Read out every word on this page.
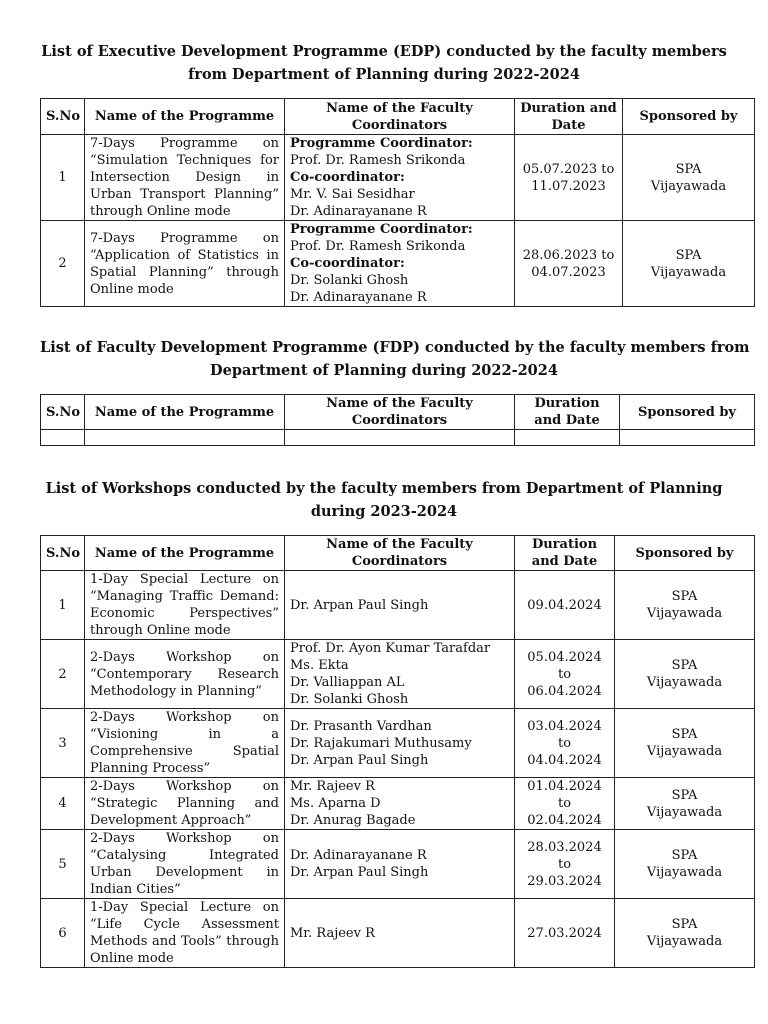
List of Executive Development Programme (EDP) conducted by the faculty members
from Department of Planning during 2022-2024
S.No	Name of the Programme	Name of the Faculty Coordinators	Duration and Date	Sponsored by
1	7-Days Programme on “Simulation Techniques for Intersection Design in Urban Transport Planning” through Online mode	Programme Coordinator:
Prof. Dr. Ramesh Srikonda
Co-coordinator:
Mr. V. Sai Sesidhar
Dr. Adinarayanane R	05.07.2023 to
11.07.2023	SPA
Vijayawada

2	7-Days Programme on “Application of Statistics in Spatial Planning” through Online mode	Programme Coordinator:
Prof. Dr. Ramesh Srikonda
Co-coordinator:
Dr. Solanki Ghosh
Dr. Adinarayanane R	28.06.2023 to
04.07.2023	SPA
Vijayawada
List of Faculty Development Programme (FDP) conducted by the faculty members from
Department of Planning during 2022-2024
S.No	Name of the Programme	Name of the Faculty Coordinators	Duration and Date	Sponsored by

List of Workshops conducted by the faculty members from Department of Planning
during 2023-2024
S.No	Name of the Programme	Name of the Faculty Coordinators	Duration and Date	Sponsored by
1	1-Day Special Lecture on “Managing Traffic Demand: Economic Perspectives” through Online mode	Dr. Arpan Paul Singh	09.04.2024	SPA
Vijayawada

2	2-Days Workshop on “Contemporary Research Methodology in Planning”	Prof. Dr. Ayon Kumar Tarafdar
Ms. Ekta
Dr. Valliappan AL
Dr. Solanki Ghosh	05.04.2024
to
06.04.2024	SPA
Vijayawada

3	2-Days Workshop on “Visioning in a Comprehensive Spatial Planning Process”	Dr. Prasanth Vardhan
Dr. Rajakumari Muthusamy
Dr. Arpan Paul Singh	03.04.2024
to
04.04.2024	SPA
Vijayawada

4	2-Days Workshop on “Strategic Planning and Development Approach”	Mr. Rajeev R
Ms. Aparna D
Dr. Anurag Bagade	01.04.2024
to
02.04.2024	SPA
Vijayawada

5	2-Days Workshop on “Catalysing Integrated Urban Development in Indian Cities”	Dr. Adinarayanane R
Dr. Arpan Paul Singh	28.03.2024
to
29.03.2024	SPA
Vijayawada

6	1-Day Special Lecture on “Life Cycle Assessment Methods and Tools” through Online mode	Mr. Rajeev R	27.03.2024	SPA
Vijayawada
